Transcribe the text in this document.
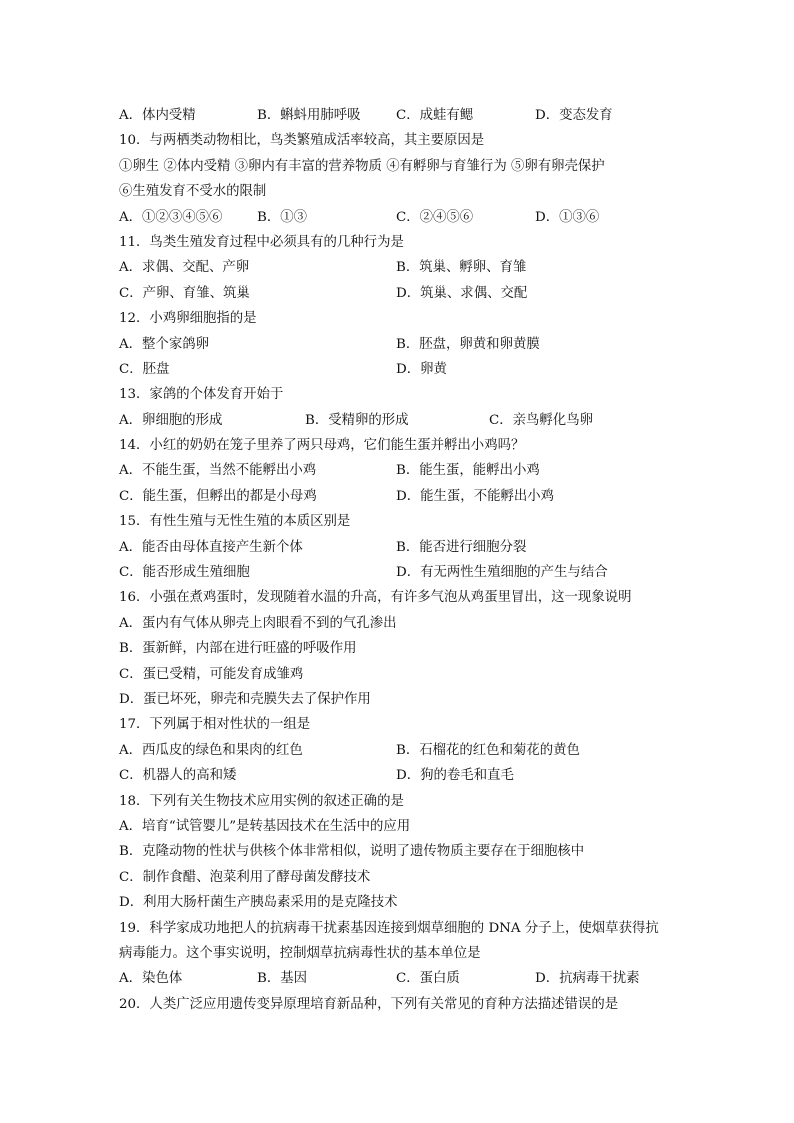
A．体内受精	B．蝌蚪用肺呼吸	C．成蛙有鳃	D．变态发育
10．与两栖类动物相比，鸟类繁殖成活率较高，其主要原因是
①卵生 ②体内受精 ③卵内有丰富的营养物质 ④有孵卵与育雏行为 ⑤卵有卵壳保护
⑥生殖发育不受水的限制
A．①②③④⑤⑥	B．①③	C．②④⑤⑥	D．①③⑥
11．鸟类生殖发育过程中必须具有的几种行为是
A．求偶、交配、产卵	B．筑巢、孵卵、育雏
C．产卵、育雏、筑巢	D．筑巢、求偶、交配
12．小鸡卵细胞指的是
A．整个家鸽卵	B．胚盘，卵黄和卵黄膜
C．胚盘	D．卵黄
13．家鸽的个体发育开始于
A．卵细胞的形成	B．受精卵的形成	C．亲鸟孵化鸟卵
14．小红的奶奶在笼子里养了两只母鸡，它们能生蛋并孵出小鸡吗？
A．不能生蛋，当然不能孵出小鸡	B．能生蛋，能孵出小鸡
C．能生蛋，但孵出的都是小母鸡	D．能生蛋，不能孵出小鸡
15．有性生殖与无性生殖的本质区别是
A．能否由母体直接产生新个体	B．能否进行细胞分裂
C．能否形成生殖细胞	D．有无两性生殖细胞的产生与结合
16．小强在煮鸡蛋时，发现随着水温的升高，有许多气泡从鸡蛋里冒出，这一现象说明
A．蛋内有气体从卵壳上肉眼看不到的气孔渗出
B．蛋新鲜，内部在进行旺盛的呼吸作用
C．蛋已受精，可能发育成雏鸡
D．蛋已坏死，卵壳和壳膜失去了保护作用
17．下列属于相对性状的一组是
A．西瓜皮的绿色和果肉的红色	B．石榴花的红色和菊花的黄色
C．机器人的高和矮	D．狗的卷毛和直毛
18．下列有关生物技术应用实例的叙述正确的是
A．培育“试管婴儿”是转基因技术在生活中的应用
B．克隆动物的性状与供核个体非常相似，说明了遗传物质主要存在于细胞核中
C．制作食醋、泡菜利用了酵母菌发酵技术
D．利用大肠杆菌生产胰岛素采用的是克隆技术
19．科学家成功地把人的抗病毒干扰素基因连接到烟草细胞的 DNA 分子上，使烟草获得抗
病毒能力。这个事实说明，控制烟草抗病毒性状的基本单位是
A．染色体	B．基因	C．蛋白质	D．抗病毒干扰素
20．人类广泛应用遗传变异原理培育新品种，下列有关常见的育种方法描述错误的是
